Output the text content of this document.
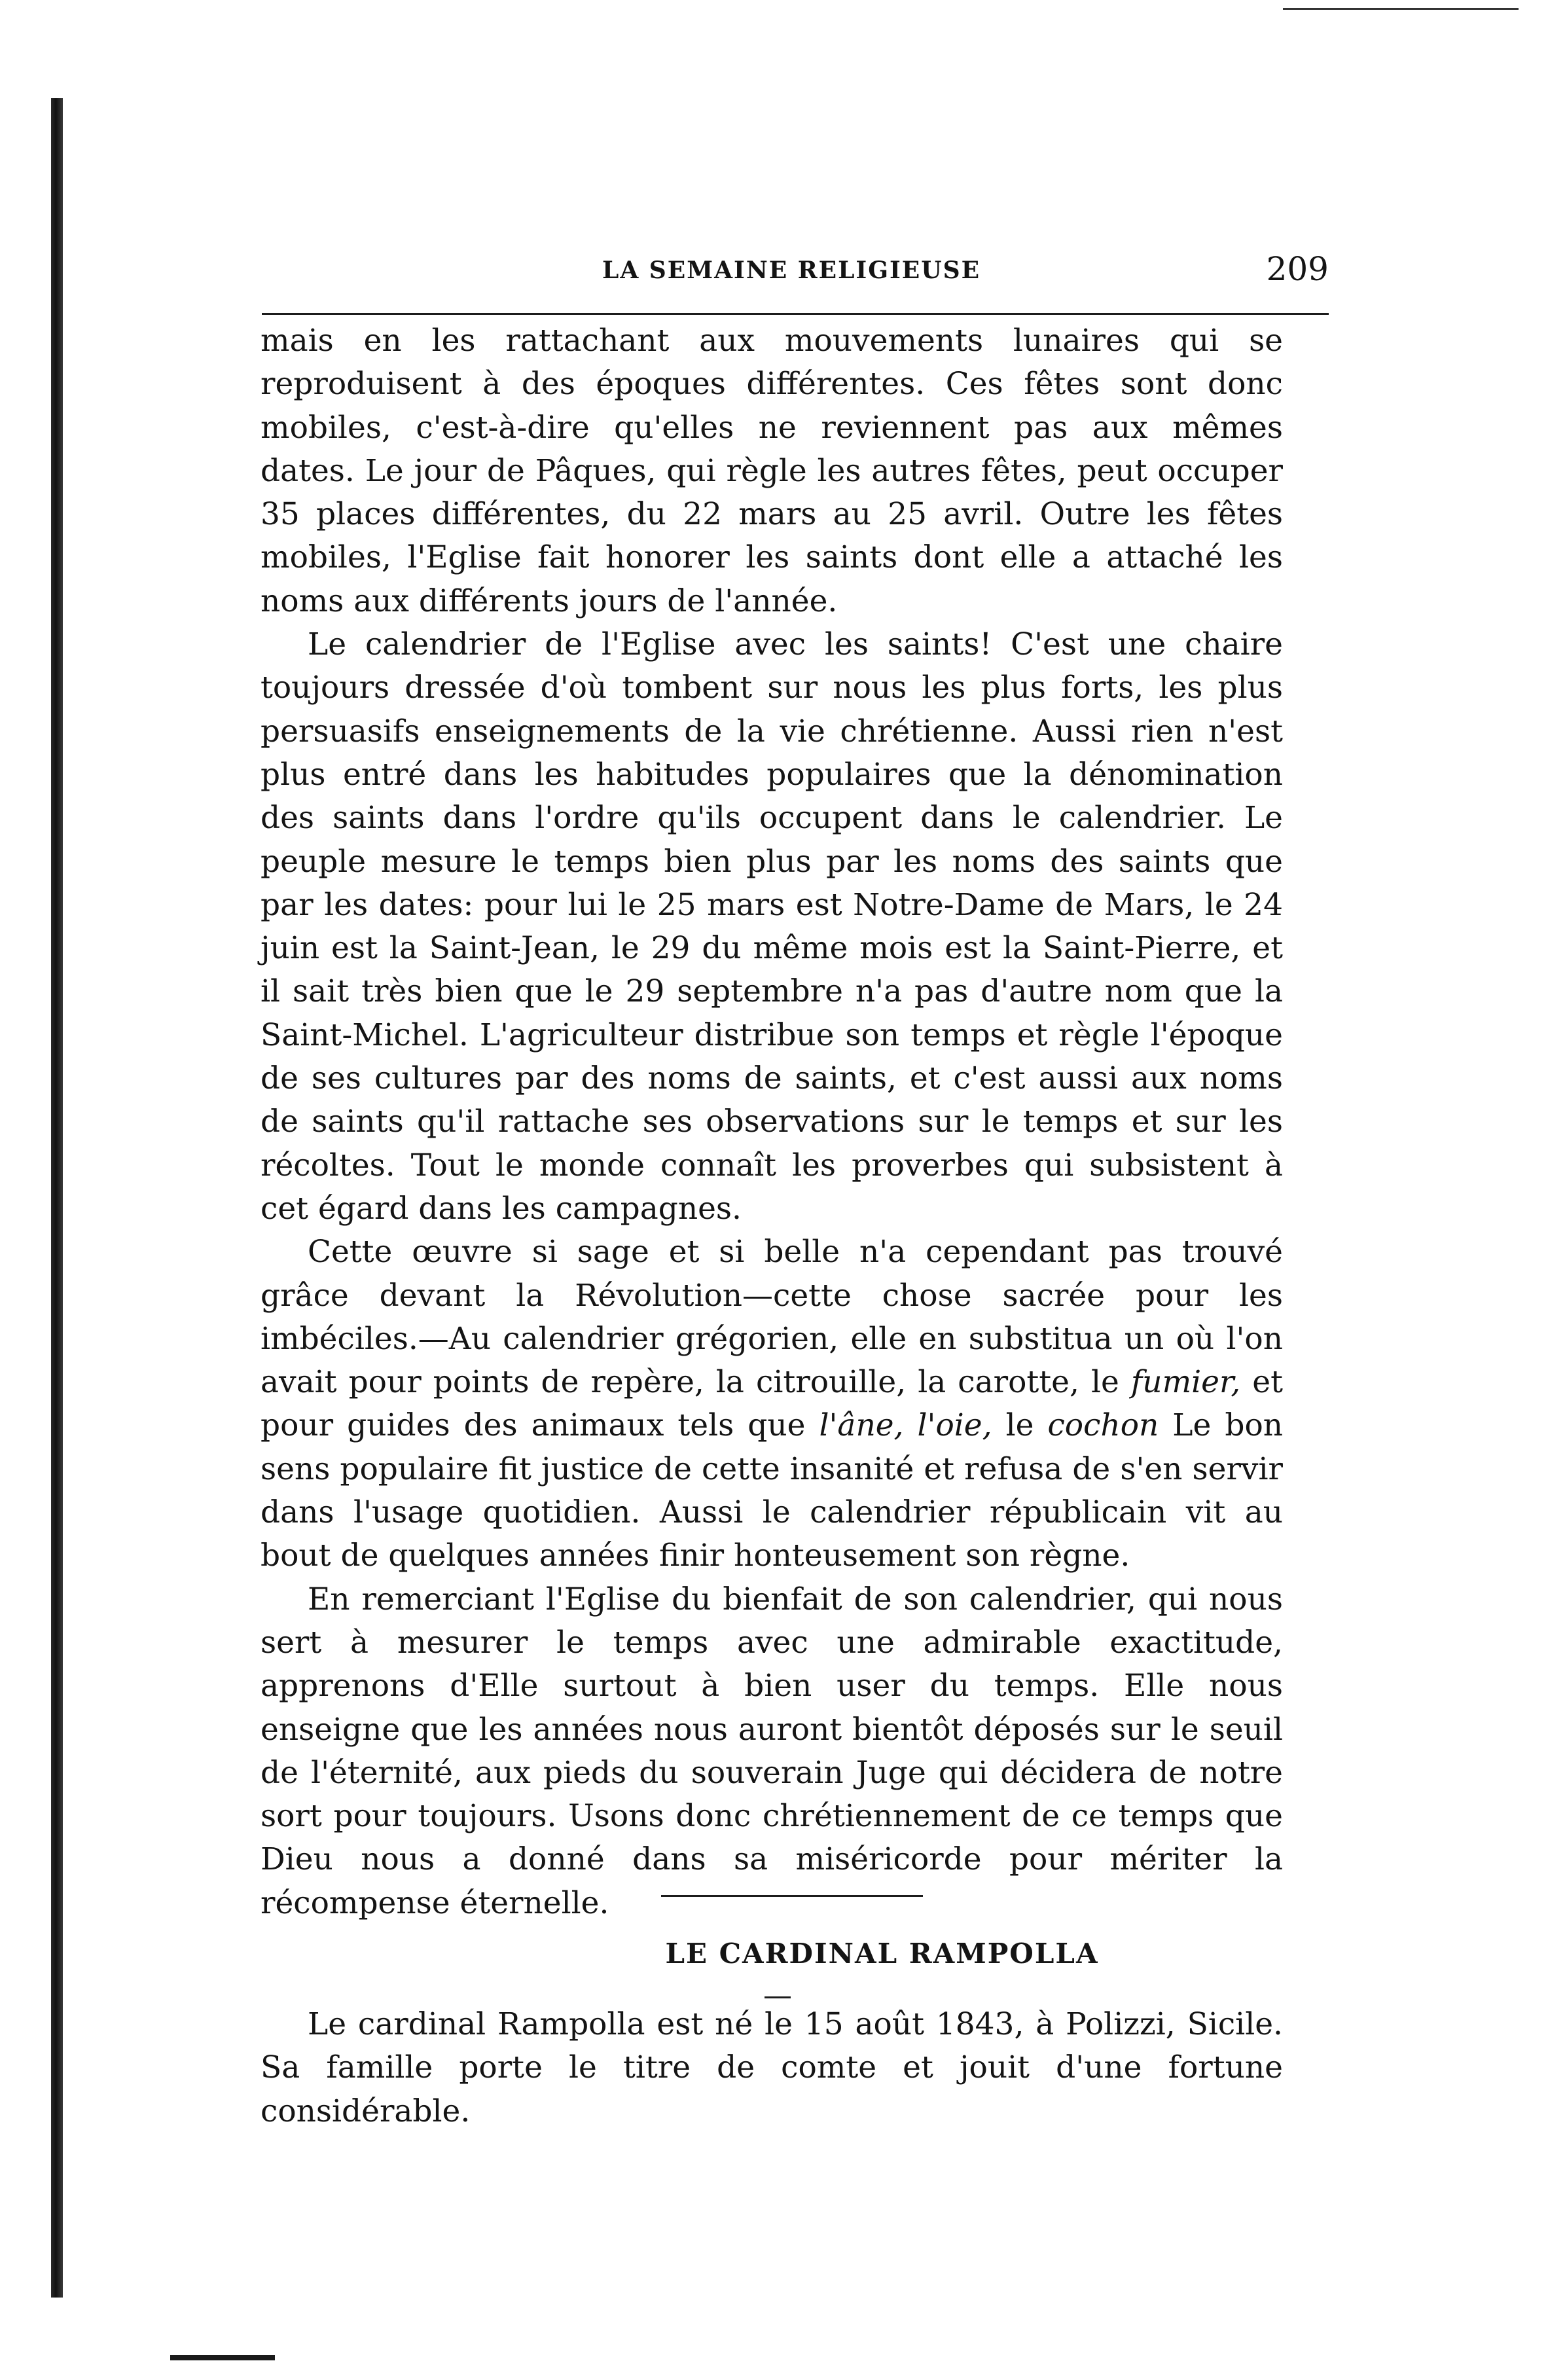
LA SEMAINE RELIGIEUSE	209

mais en les rattachant aux mouvements lunaires qui se reproduisent à des époques différentes. Ces fêtes sont donc mobiles, c'est-à-dire qu'elles ne reviennent pas aux mêmes dates. Le jour de Pâques, qui règle les autres fêtes, peut occuper 35 places différentes, du 22 mars au 25 avril. Outre les fêtes mobiles, l'Eglise fait honorer les saints dont elle a attaché les noms aux différents jours de l'année.

Le calendrier de l'Eglise avec les saints! C'est une chaire toujours dressée d'où tombent sur nous les plus forts, les plus persuasifs enseignements de la vie chrétienne. Aussi rien n'est plus entré dans les habitudes populaires que la dénomination des saints dans l'ordre qu'ils occupent dans le calendrier. Le peuple mesure le temps bien plus par les noms des saints que par les dates: pour lui le 25 mars est Notre-Dame de Mars, le 24 juin est la Saint-Jean, le 29 du même mois est la Saint-Pierre, et il sait très bien que le 29 septembre n'a pas d'autre nom que la Saint-Michel. L'agriculteur distribue son temps et règle l'époque de ses cultures par des noms de saints, et c'est aussi aux noms de saints qu'il rattache ses observations sur le temps et sur les récoltes. Tout le monde connaît les proverbes qui subsistent à cet égard dans les campagnes.

Cette œuvre si sage et si belle n'a cependant pas trouvé grâce devant la Révolution—cette chose sacrée pour les imbéciles.—Au calendrier grégorien, elle en substitua un où l'on avait pour points de repère, la citrouille, la carotte, le fumier, et pour guides des animaux tels que l'âne, l'oie, le cochon Le bon sens populaire fit justice de cette insanité et refusa de s'en servir dans l'usage quotidien. Aussi le calendrier républicain vit au bout de quelques années finir honteusement son règne.

En remerciant l'Eglise du bienfait de son calendrier, qui nous sert à mesurer le temps avec une admirable exactitude, apprenons d'Elle surtout à bien user du temps. Elle nous enseigne que les années nous auront bientôt déposés sur le seuil de l'éternité, aux pieds du souverain Juge qui décidera de notre sort pour toujours. Usons donc chrétiennement de ce temps que Dieu nous a donné dans sa miséricorde pour mériter la récompense éternelle.

LE CARDINAL RAMPOLLA

Le cardinal Rampolla est né le 15 août 1843, à Polizzi, Sicile. Sa famille porte le titre de comte et jouit d'une fortune considérable.
